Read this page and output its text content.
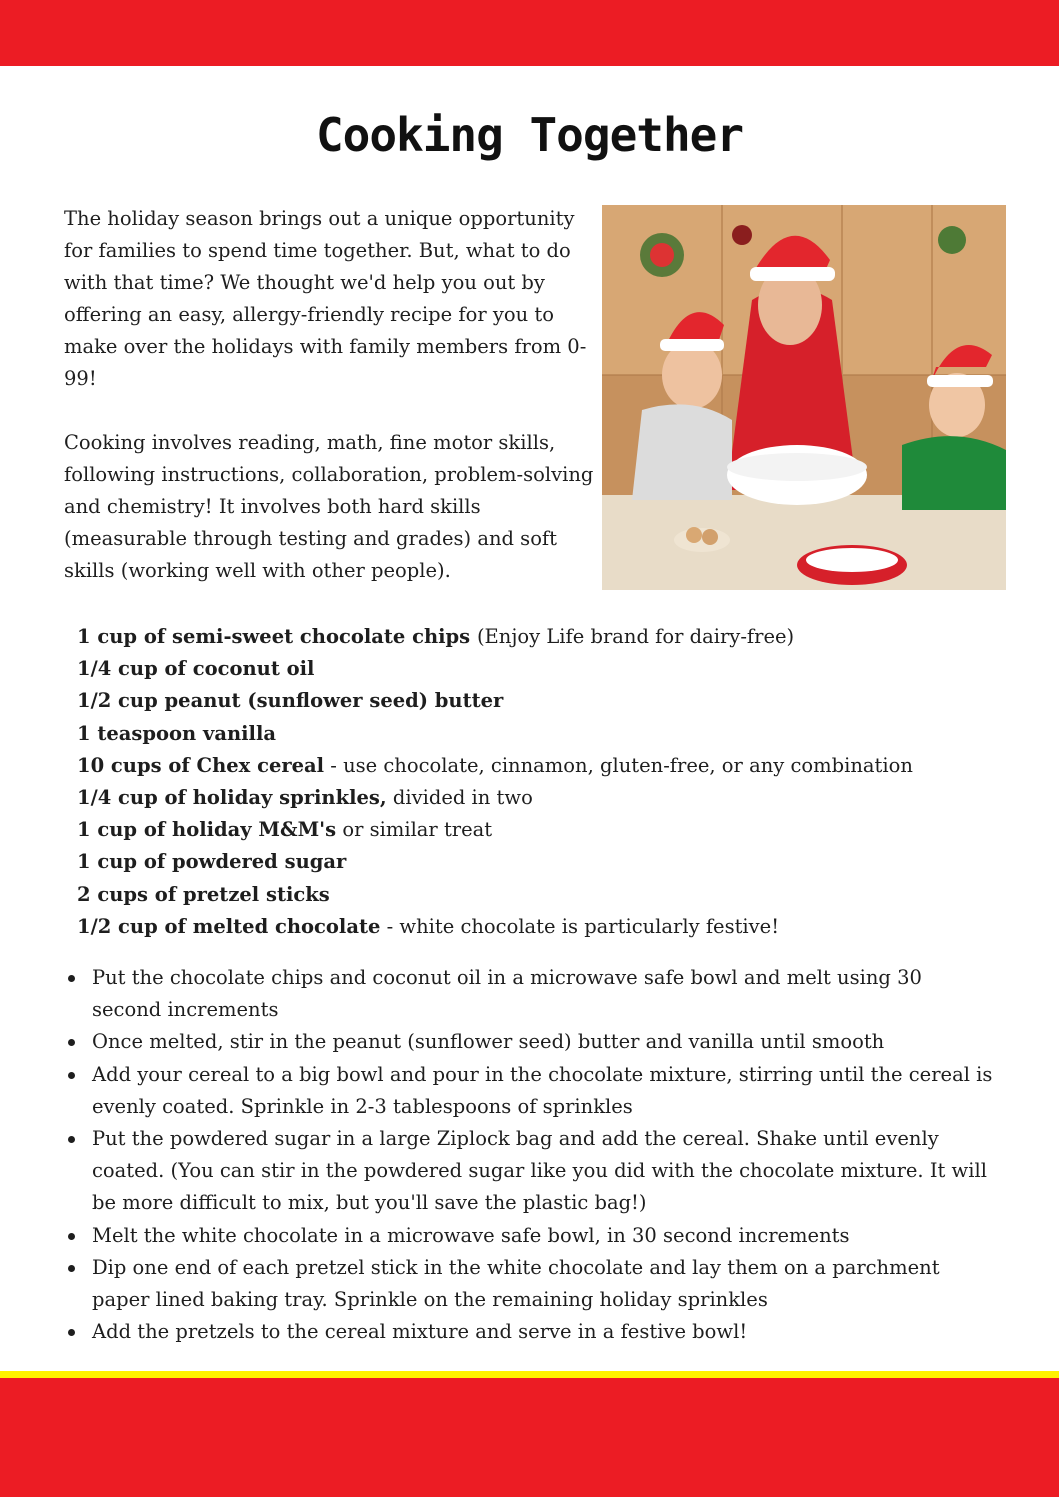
Cooking Together

The holiday season brings out a unique opportunity for families to spend time together. But, what to do with that time? We thought we'd help you out by offering an easy, allergy-friendly recipe for you to make over the holidays with family members from 0-99!

Cooking involves reading, math, fine motor skills, following instructions, collaboration, problem-solving and chemistry! It involves both hard skills (measurable through testing and grades) and soft skills (working well with other people).

1 cup of semi-sweet chocolate chips (Enjoy Life brand for dairy-free)
1/4 cup of coconut oil
1/2 cup peanut (sunflower seed) butter
1 teaspoon vanilla
10 cups of Chex cereal - use chocolate, cinnamon, gluten-free, or any combination
1/4 cup of holiday sprinkles, divided in two
1 cup of holiday M&M's or similar treat
1 cup of powdered sugar
2 cups of pretzel sticks
1/2 cup of melted chocolate - white chocolate is particularly festive!
Put the chocolate chips and coconut oil in a microwave safe bowl and melt using 30 second increments
Once melted, stir in the peanut (sunflower seed) butter and vanilla until smooth
Add your cereal to a big bowl and pour in the chocolate mixture, stirring until the cereal is evenly coated. Sprinkle in 2-3 tablespoons of sprinkles
Put the powdered sugar in a large Ziplock bag and add the cereal. Shake until evenly coated. (You can stir in the powdered sugar like you did with the chocolate mixture. It will be more difficult to mix, but you'll save the plastic bag!)
Melt the white chocolate in a microwave safe bowl, in 30 second increments
Dip one end of each pretzel stick in the white chocolate and lay them on a parchment paper lined baking tray. Sprinkle on the remaining holiday sprinkles
Add the pretzels to the cereal mixture and serve in a festive bowl!
